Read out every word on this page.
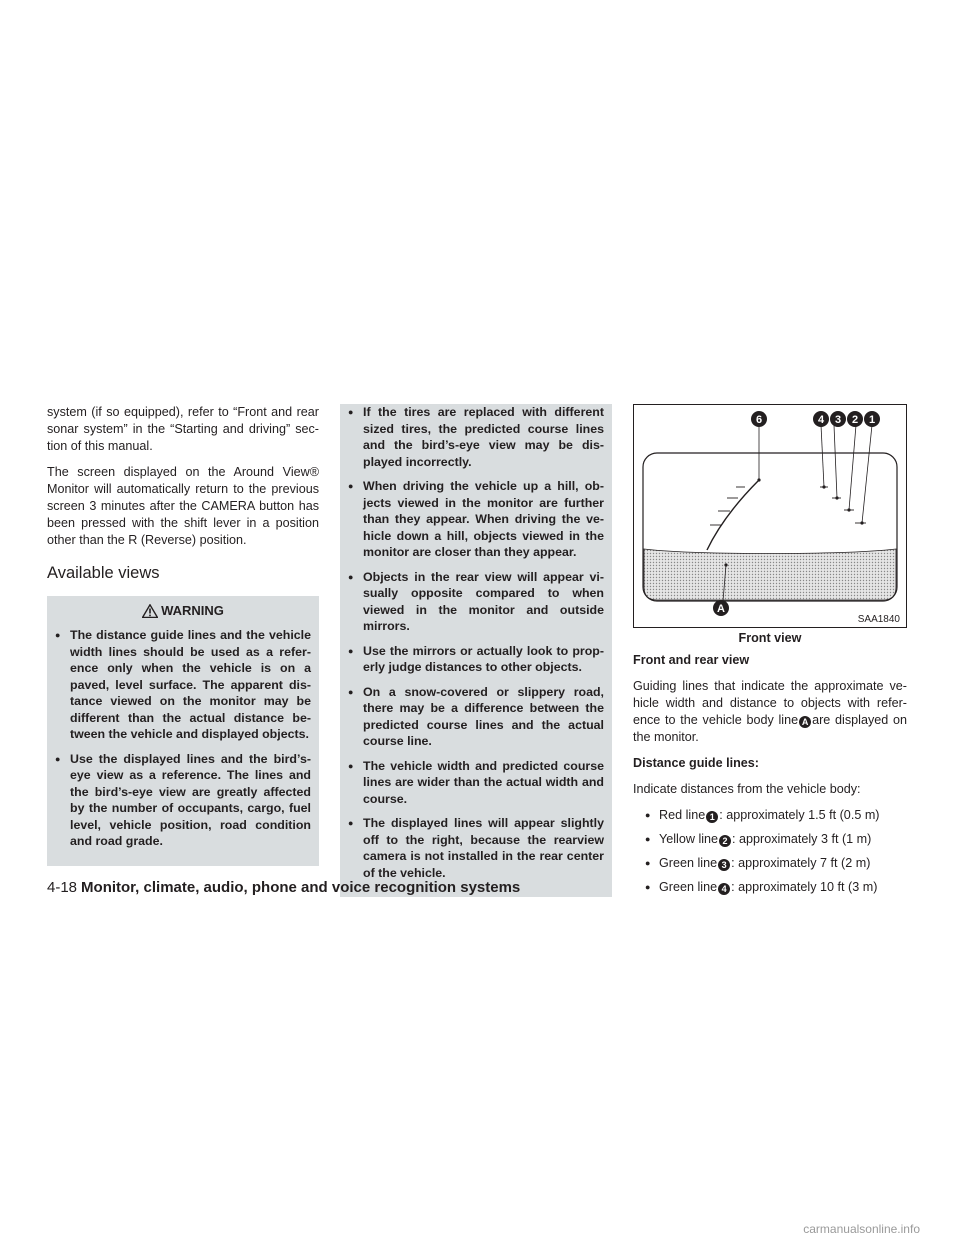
system (if so equipped), refer to “Front and rear sonar system” in the “Starting and driving” sec- tion of this manual.

The screen displayed on the Around View® Monitor will automatically return to the previous screen 3 minutes after the CAMERA button has been pressed with the shift lever in a position other than the R (Reverse) position.

Available views
WARNING
● The distance guide lines and the vehicle width lines should be used as a refer- ence only when the vehicle is on a paved, level surface. The apparent dis- tance viewed on the monitor may be different than the actual distance be- tween the vehicle and displayed objects.
● Use the displayed lines and the bird’s- eye view as a reference. The lines and the bird’s-eye view are greatly affected by the number of occupants, cargo, fuel level, vehicle position, road condition and road grade.
● If the tires are replaced with different sized tires, the predicted course lines and the bird’s-eye view may be dis- played incorrectly.
● When driving the vehicle up a hill, ob- jects viewed in the monitor are further than they appear. When driving the ve- hicle down a hill, objects viewed in the monitor are closer than they appear.
● Objects in the rear view will appear vi- sually opposite compared to when viewed in the monitor and outside mirrors.
● Use the mirrors or actually look to prop- erly judge distances to other objects.
● On a snow-covered or slippery road, there may be a difference between the predicted course lines and the actual course line.
● The vehicle width and predicted course lines are wider than the actual width and course.
● The displayed lines will appear slightly off to the right, because the rearview camera is not installed in the rear center of the vehicle.
6	4 3 2 1
A
SAA1840
Front view

Front and rear view

Guiding lines that indicate the approximate ve- hicle width and distance to objects with refer- ence to the vehicle body line A are displayed on the monitor.

Distance guide lines:

Indicate distances from the vehicle body:

● Red line 1 : approximately 1.5 ft (0.5 m)
● Yellow line 2 : approximately 3 ft (1 m)
● Green line 3 : approximately 7 ft (2 m)
● Green line 4 : approximately 10 ft (3 m)
4-18 Monitor, climate, audio, phone and voice recognition systems
carmanualsonline.info
